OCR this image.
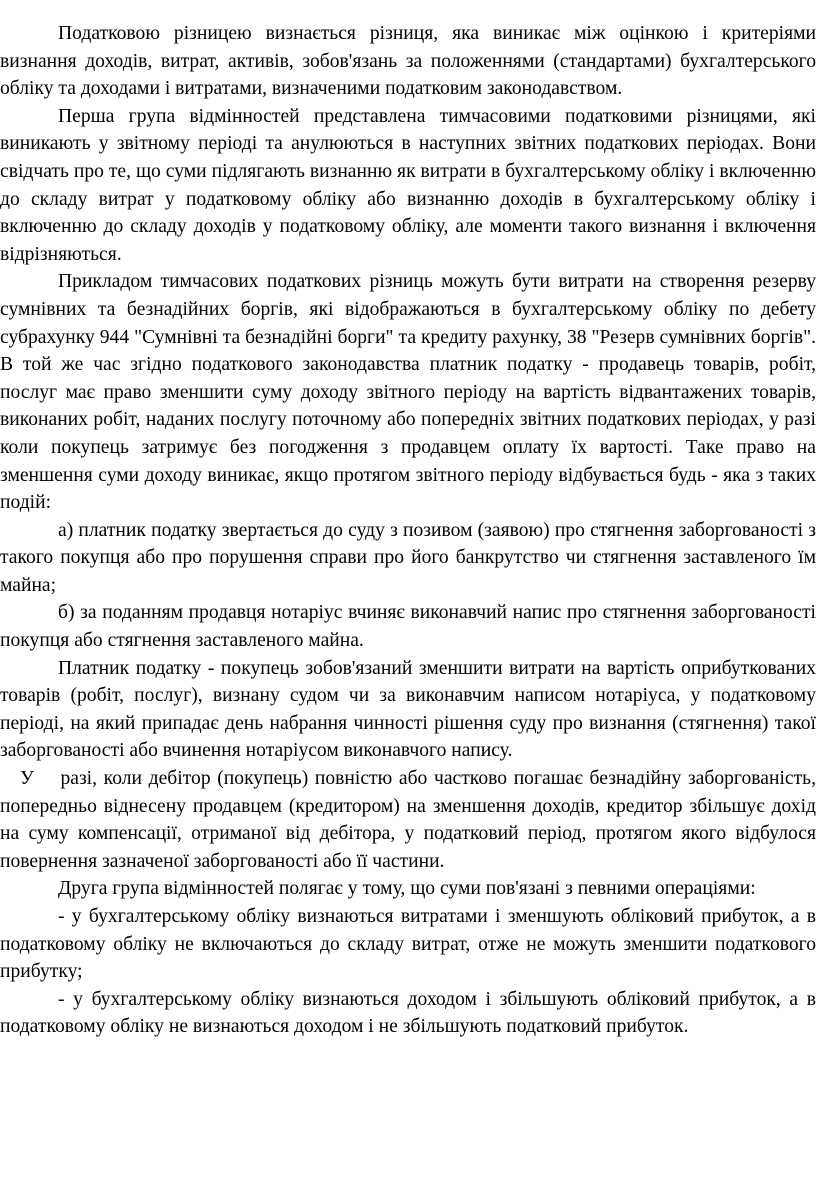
Податковою різницею визнається різниця, яка виникає між оцінкою і критеріями визнання доходів, витрат, активів, зобов'язань за положеннями (стандартами) бухгалтерського обліку та доходами і витратами, визначеними податковим законодавством.

Перша група відмінностей представлена тимчасовими податковими різницями, які виникають у звітному періоді та анулюються в наступних звітних податкових періодах. Вони свідчать про те, що суми підлягають визнанню як витрати в бухгалтерському обліку і включенню до складу витрат у податковому обліку або визнанню доходів в бухгалтерському обліку і включенню до складу доходів у податковому обліку, але моменти такого визнання і включення відрізняються.

Прикладом тимчасових податкових різниць можуть бути витрати на створення резерву сумнівних та безнадійних боргів, які відображаються в бухгалтерському обліку по дебету субрахунку 944 "Сумнівні та безнадійні борги" та кредиту рахунку, 38 "Резерв сумнівних боргів". В той же час згідно податкового законодавства платник податку - продавець товарів, робіт, послуг має право зменшити суму доходу звітного періоду на вартість відвантажених товарів, виконаних робіт, наданих послугу поточному або попередніх звітних податкових періодах, у разі коли покупець затримує без погодження з продавцем оплату їх вартості. Таке право на зменшення суми доходу виникає, якщо протягом звітного періоду відбувається будь - яка з таких подій:

а) платник податку звертається до суду з позивом (заявою) про стягнення заборгованості з такого покупця або про порушення справи про його банкрутство чи стягнення заставленого їм майна;

б) за поданням продавця нотаріус вчиняє виконавчий напис про стягнення заборгованості покупця або стягнення заставленого майна.

Платник податку - покупець зобов'язаний зменшити витрати на вартість оприбуткованих товарів (робіт, послуг), визнану судом чи за виконавчим написом нотаріуса, у податковому періоді, на який припадає день набрання чинності рішення суду про визнання (стягнення) такої заборгованості або вчинення нотаріусом виконавчого напису.

У    разі, коли дебітор (покупець) повністю або частково погашає безнадійну заборгованість, попередньо віднесену продавцем (кредитором) на зменшення доходів, кредитор збільшує дохід на суму компенсації, отриманої від дебітора, у податковий період, протягом якого відбулося повернення зазначеної заборгованості або її частини.

Друга група відмінностей полягає у тому, що суми пов'язані з певними операціями:

- у бухгалтерському обліку визнаються витратами і зменшують обліковий прибуток, а в податковому обліку не включаються до складу витрат, отже не можуть зменшити податкового прибутку;

- у бухгалтерському обліку визнаються доходом і збільшують обліковий прибуток, а в податковому обліку не визнаються доходом і не збільшують податковий прибуток.
